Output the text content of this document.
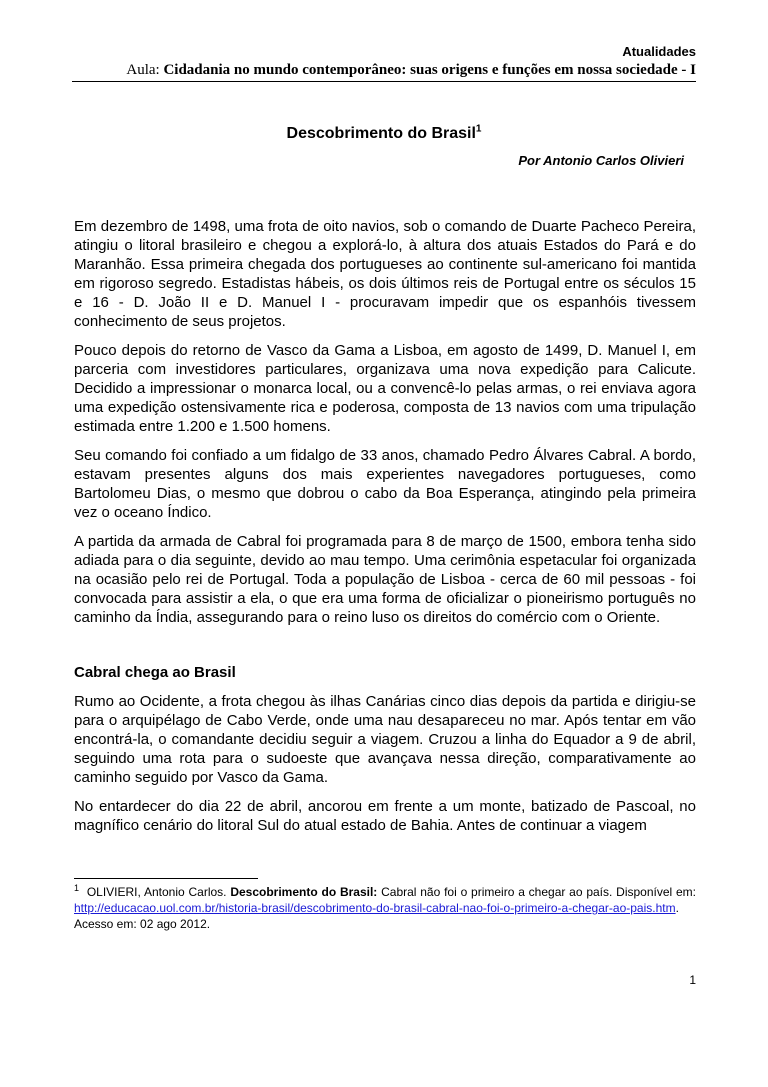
Atualidades
Aula: Cidadania no mundo contemporâneo: suas origens e funções em nossa sociedade - I
Descobrimento do Brasil$^1$
Por Antonio Carlos Olivieri

Em dezembro de 1498, uma frota de oito navios, sob o comando de Duarte Pacheco Pereira, atingiu o litoral brasileiro e chegou a explorá-lo, à altura dos atuais Estados do Pará e do Maranhão. Essa primeira chegada dos portugueses ao continente sul-americano foi mantida em rigoroso segredo. Estadistas hábeis, os dois últimos reis de Portugal entre os séculos 15 e 16 - D. João II e D. Manuel I - procuravam impedir que os espanhóis tivessem conhecimento de seus projetos.

Pouco depois do retorno de Vasco da Gama a Lisboa, em agosto de 1499, D. Manuel I, em parceria com investidores particulares, organizava uma nova expedição para Calicute. Decidido a impressionar o monarca local, ou a convencê-lo pelas armas, o rei enviava agora uma expedição ostensivamente rica e poderosa, composta de 13 navios com uma tripulação estimada entre 1.200 e 1.500 homens.

Seu comando foi confiado a um fidalgo de 33 anos, chamado Pedro Álvares Cabral. A bordo, estavam presentes alguns dos mais experientes navegadores portugueses, como Bartolomeu Dias, o mesmo que dobrou o cabo da Boa Esperança, atingindo pela primeira vez o oceano Índico.

A partida da armada de Cabral foi programada para 8 de março de 1500, embora tenha sido adiada para o dia seguinte, devido ao mau tempo. Uma cerimônia espetacular foi organizada na ocasião pelo rei de Portugal. Toda a população de Lisboa - cerca de 60 mil pessoas - foi convocada para assistir a ela, o que era uma forma de oficializar o pioneirismo português no caminho da Índia, assegurando para o reino luso os direitos do comércio com o Oriente.

Cabral chega ao Brasil

Rumo ao Ocidente, a frota chegou às ilhas Canárias cinco dias depois da partida e dirigiu-se para o arquipélago de Cabo Verde, onde uma nau desapareceu no mar. Após tentar em vão encontrá-la, o comandante decidiu seguir a viagem. Cruzou a linha do Equador a 9 de abril, seguindo uma rota para o sudoeste que avançava nessa direção, comparativamente ao caminho seguido por Vasco da Gama.

No entardecer do dia 22 de abril, ancorou em frente a um monte, batizado de Pascoal, no magnífico cenário do litoral Sul do atual estado de Bahia. Antes de continuar a viagem

$^1$ OLIVIERI, Antonio Carlos. Descobrimento do Brasil: Cabral não foi o primeiro a chegar ao país. Disponível em: http://educacao.uol.com.br/historia-brasil/descobrimento-do-brasil-cabral-nao-foi-o-primeiro-a-chegar-ao-pais.htm. Acesso em: 02 ago 2012.
1
